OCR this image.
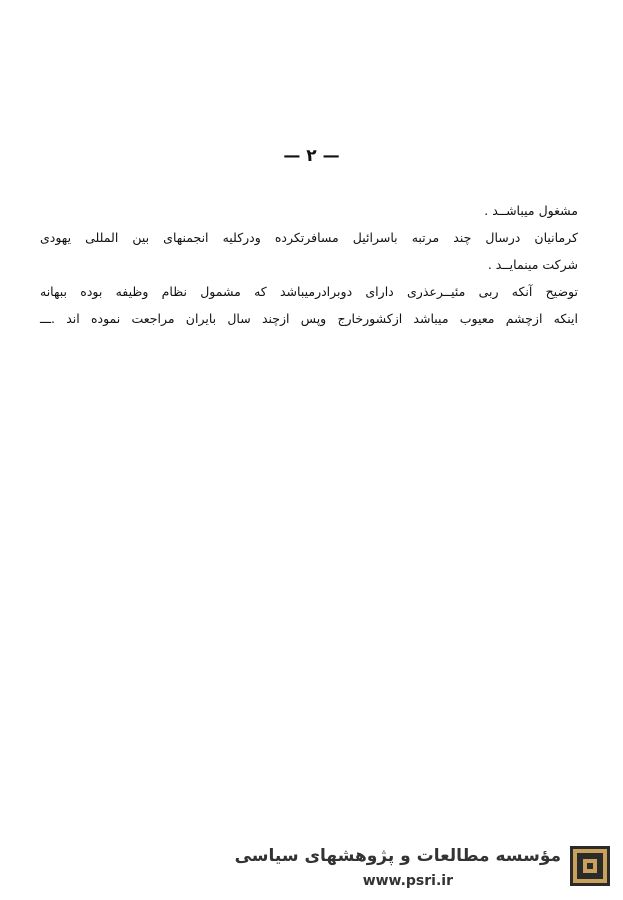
— ۲ —
مشغول میباشــد .
کرمانیان درسال چند مرتبه باسرائیل مسافرتکرده ودرکلیه انجمنهای بین المللی یهودی
شرکت مینمایــد .
توضیح آنکه ربی مئیــرعذری دارای دوبرادرمیباشد که مشمول نظام وظیفه بوده ببهانه
اینکه ازچشم معیوب میباشد ازکشورخارج وپس ازچند سال بایران مراجعت نموده اند .ـــ
مؤسسه مطالعات و پژوهشهای سیاسی
www.psri.ir
